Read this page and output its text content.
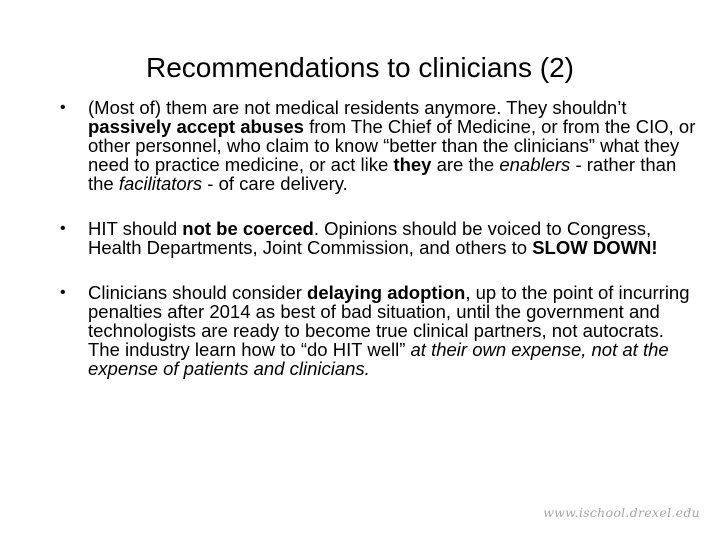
Recommendations to clinicians (2)
• (Most of) them are not medical residents anymore. They shouldn’t passively accept abuses from The Chief of Medicine, or from the CIO, or other personnel, who claim to know “better than the clinicians” what they need to practice medicine, or act like they are the enablers - rather than the facilitators - of care delivery.
• HIT should not be coerced. Opinions should be voiced to Congress, Health Departments, Joint Commission, and others to SLOW DOWN!
• Clinicians should consider delaying adoption, up to the point of incurring penalties after 2014 as best of bad situation, until the government and technologists are ready to become true clinical partners, not autocrats. The industry learn how to “do HIT well” at their own expense, not at the expense of patients and clinicians.
www.ischool.drexel.edu
